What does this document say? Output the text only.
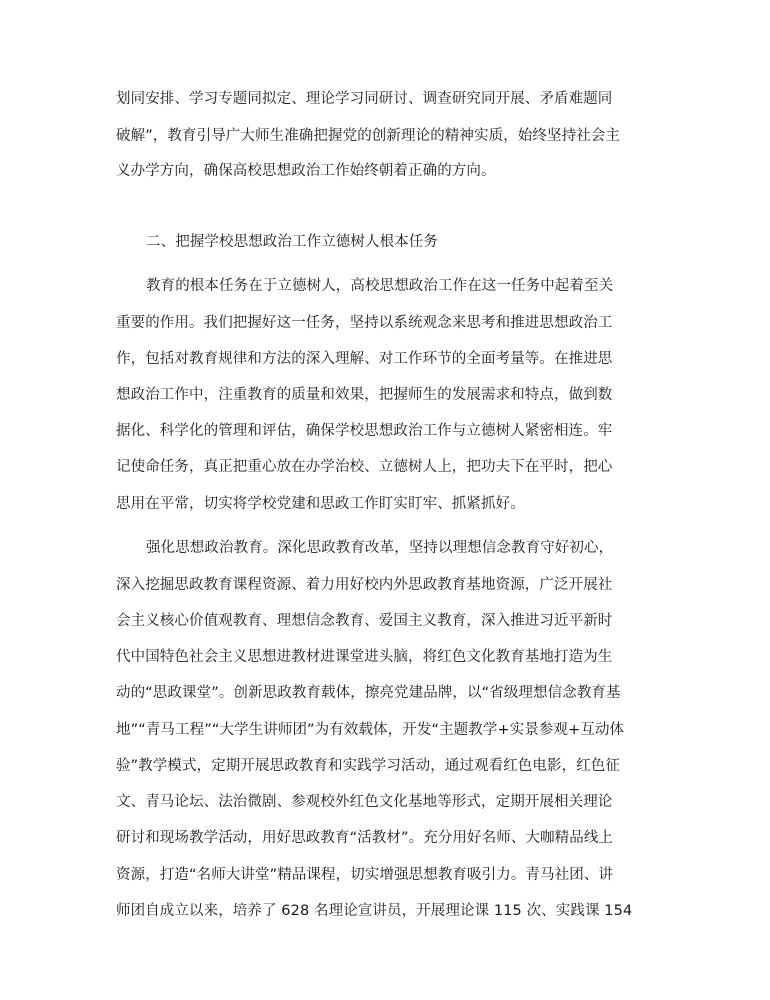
划同安排、学习专题同拟定、理论学习同研讨、调查研究同开展、矛盾难题同
破解”，教育引导广大师生准确把握党的创新理论的精神实质，始终坚持社会主
义办学方向，确保高校思想政治工作始终朝着正确的方向。
二、把握学校思想政治工作立德树人根本任务
教育的根本任务在于立德树人，高校思想政治工作在这一任务中起着至关
重要的作用。我们把握好这一任务，坚持以系统观念来思考和推进思想政治工
作，包括对教育规律和方法的深入理解、对工作环节的全面考量等。在推进思
想政治工作中，注重教育的质量和效果，把握师生的发展需求和特点，做到数
据化、科学化的管理和评估，确保学校思想政治工作与立德树人紧密相连。牢
记使命任务，真正把重心放在办学治校、立德树人上，把功夫下在平时，把心
思用在平常，切实将学校党建和思政工作盯实盯牢、抓紧抓好。
强化思想政治教育。深化思政教育改革，坚持以理想信念教育守好初心，
深入挖掘思政教育课程资源、着力用好校内外思政教育基地资源，广泛开展社
会主义核心价值观教育、理想信念教育、爱国主义教育，深入推进习近平新时
代中国特色社会主义思想进教材进课堂进头脑，将红色文化教育基地打造为生
动的“思政课堂”。创新思政教育载体，擦亮党建品牌，以“省级理想信念教育基
地”“青马工程”“大学生讲师团”为有效载体，开发“主题教学+实景参观+互动体
验”教学模式，定期开展思政教育和实践学习活动，通过观看红色电影，红色征
文、青马论坛、法治微剧、参观校外红色文化基地等形式，定期开展相关理论
研讨和现场教学活动，用好思政教育“活教材”。充分用好名师、大咖精品线上
资源，打造“名师大讲堂”精品课程，切实增强思想教育吸引力。青马社团、讲
师团自成立以来，培养了 628 名理论宣讲员，开展理论课 115 次、实践课 154
